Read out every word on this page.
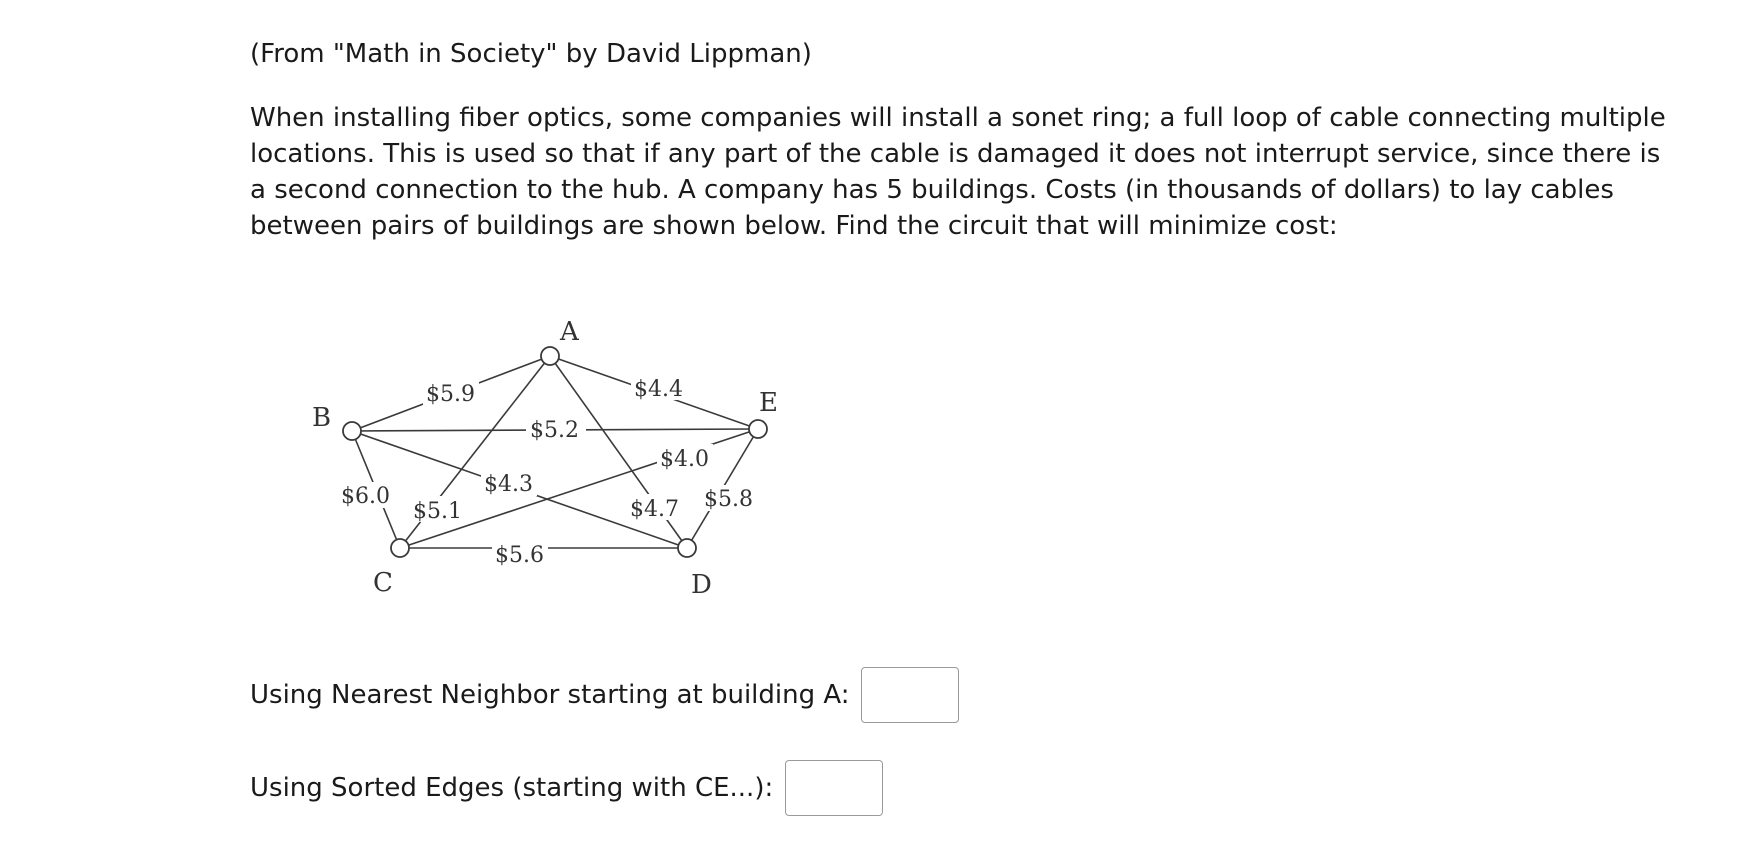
(From "Math in Society" by David Lippman)
When installing fiber optics, some companies will install a sonet ring; a full loop of cable connecting multiple locations. This is used so that if any part of the cable is damaged it does not interrupt service, since there is a second connection to the hub. A company has 5 buildings. Costs (in thousands of dollars) to lay cables between pairs of buildings are shown below. Find the circuit that will minimize cost:
$5.9	$4.4
$5.1	$4.7
$5.2
$6.0	$4.3
$4.0
$5.6
$5.8
A
B
C	D
E
Using Nearest Neighbor starting at building A:
Using Sorted Edges (starting with CE...):
